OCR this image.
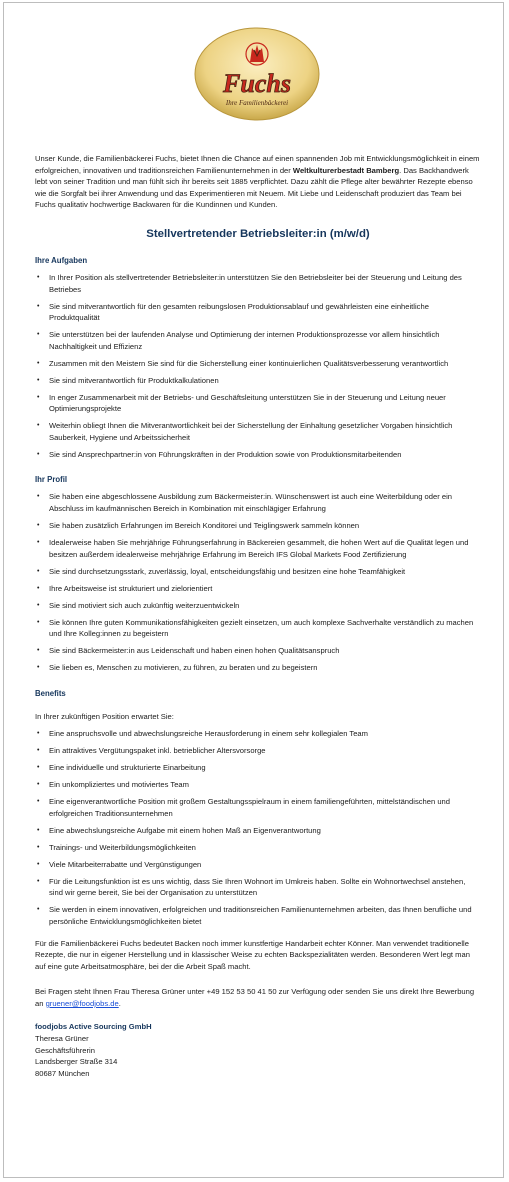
Fuchs
Ihre Familienbäckerei

Unser Kunde, die Familienbäckerei Fuchs, bietet Ihnen die Chance auf einen spannenden Job mit Entwicklungsmöglichkeit in einem erfolgreichen, innovativen und traditionsreichen Familienunternehmen in der Weltkulturerbestadt Bamberg. Das Backhandwerk lebt von seiner Tradition und man fühlt sich ihr bereits seit 1885 verpflichtet. Dazu zählt die Pflege alter bewährter Rezepte ebenso wie die Sorgfalt bei ihrer Anwendung und das Experimentieren mit Neuem. Mit Liebe und Leidenschaft produziert das Team bei Fuchs qualitativ hochwertige Backwaren für die Kundinnen und Kunden.

Stellvertretender Betriebsleiter:in (m/w/d)
Ihre Aufgaben
• In Ihrer Position als stellvertretender Betriebsleiter:in unterstützen Sie den Betriebsleiter bei der Steuerung und Leitung des Betriebes
• Sie sind mitverantwortlich für den gesamten reibungslosen Produktionsablauf und gewährleisten eine einheitliche Produktqualität
• Sie unterstützen bei der laufenden Analyse und Optimierung der internen Produktionsprozesse vor allem hinsichtlich Nachhaltigkeit und Effizienz
• Zusammen mit den Meistern Sie sind für die Sicherstellung einer kontinuierlichen Qualitätsverbesserung verantwortlich
• Sie sind mitverantwortlich für Produktkalkulationen
• In enger Zusammenarbeit mit der Betriebs- und Geschäftsleitung unterstützen Sie in der Steuerung und Leitung neuer Optimierungsprojekte
• Weiterhin obliegt Ihnen die Mitverantwortlichkeit bei der Sicherstellung der Einhaltung gesetzlicher Vorgaben hinsichtlich Sauberkeit, Hygiene und Arbeitssicherheit
• Sie sind Ansprechpartner:in von Führungskräften in der Produktion sowie von Produktionsmitarbeitenden
Ihr Profil
• Sie haben eine abgeschlossene Ausbildung zum Bäckermeister:in. Wünschenswert ist auch eine Weiterbildung oder ein Abschluss im kaufmännischen Bereich in Kombination mit einschlägiger Erfahrung
• Sie haben zusätzlich Erfahrungen im Bereich Konditorei und Teiglingswerk sammeln können
• Idealerweise haben Sie mehrjährige Führungserfahrung in Bäckereien gesammelt, die hohen Wert auf die Qualität legen und besitzen außerdem idealerweise mehrjährige Erfahrung im Bereich IFS Global Markets Food Zertifizierung
• Sie sind durchsetzungsstark, zuverlässig, loyal, entscheidungsfähig und besitzen eine hohe Teamfähigkeit
• Ihre Arbeitsweise ist strukturiert und zielorientiert
• Sie sind motiviert sich auch zukünftig weiterzuentwickeln
• Sie können Ihre guten Kommunikationsfähigkeiten gezielt einsetzen, um auch komplexe Sachverhalte verständlich zu machen und Ihre Kolleg:innen zu begeistern
• Sie sind Bäckermeister:in aus Leidenschaft und haben einen hohen Qualitätsanspruch
• Sie lieben es, Menschen zu motivieren, zu führen, zu beraten und zu begeistern
Benefits

In Ihrer zukünftigen Position erwartet Sie:

• Eine anspruchsvolle und abwechslungsreiche Herausforderung in einem sehr kollegialen Team
• Ein attraktives Vergütungspaket inkl. betrieblicher Altersvorsorge
• Eine individuelle und strukturierte Einarbeitung
• Ein unkompliziertes und motiviertes Team
• Eine eigenverantwortliche Position mit großem Gestaltungsspielraum in einem familiengeführten, mittelständischen und erfolgreichen Traditionsunternehmen
• Eine abwechslungsreiche Aufgabe mit einem hohen Maß an Eigenverantwortung
• Trainings- und Weiterbildungsmöglichkeiten
• Viele Mitarbeiterrabatte und Vergünstigungen
• Für die Leitungsfunktion ist es uns wichtig, dass Sie Ihren Wohnort im Umkreis haben. Sollte ein Wohnortwechsel anstehen, sind wir gerne bereit, Sie bei der Organisation zu unterstützen
• Sie werden in einem innovativen, erfolgreichen und traditionsreichen Familienunternehmen arbeiten, das Ihnen berufliche und persönliche Entwicklungsmöglichkeiten bietet

Für die Familienbäckerei Fuchs bedeutet Backen noch immer kunstfertige Handarbeit echter Könner. Man verwendet traditionelle Rezepte, die nur in eigener Herstellung und in klassischer Weise zu echten Backspezialitäten werden. Besonderen Wert legt man auf eine gute Arbeitsatmosphäre, bei der die Arbeit Spaß macht.

Bei Fragen steht Ihnen Frau Theresa Grüner unter +49 152 53 50 41 50 zur Verfügung oder senden Sie uns direkt Ihre Bewerbung an gruener@foodjobs.de.

foodjobs Active Sourcing GmbH

Theresa Grüner

Geschäftsführerin

Landsberger Straße 314

80687 München
